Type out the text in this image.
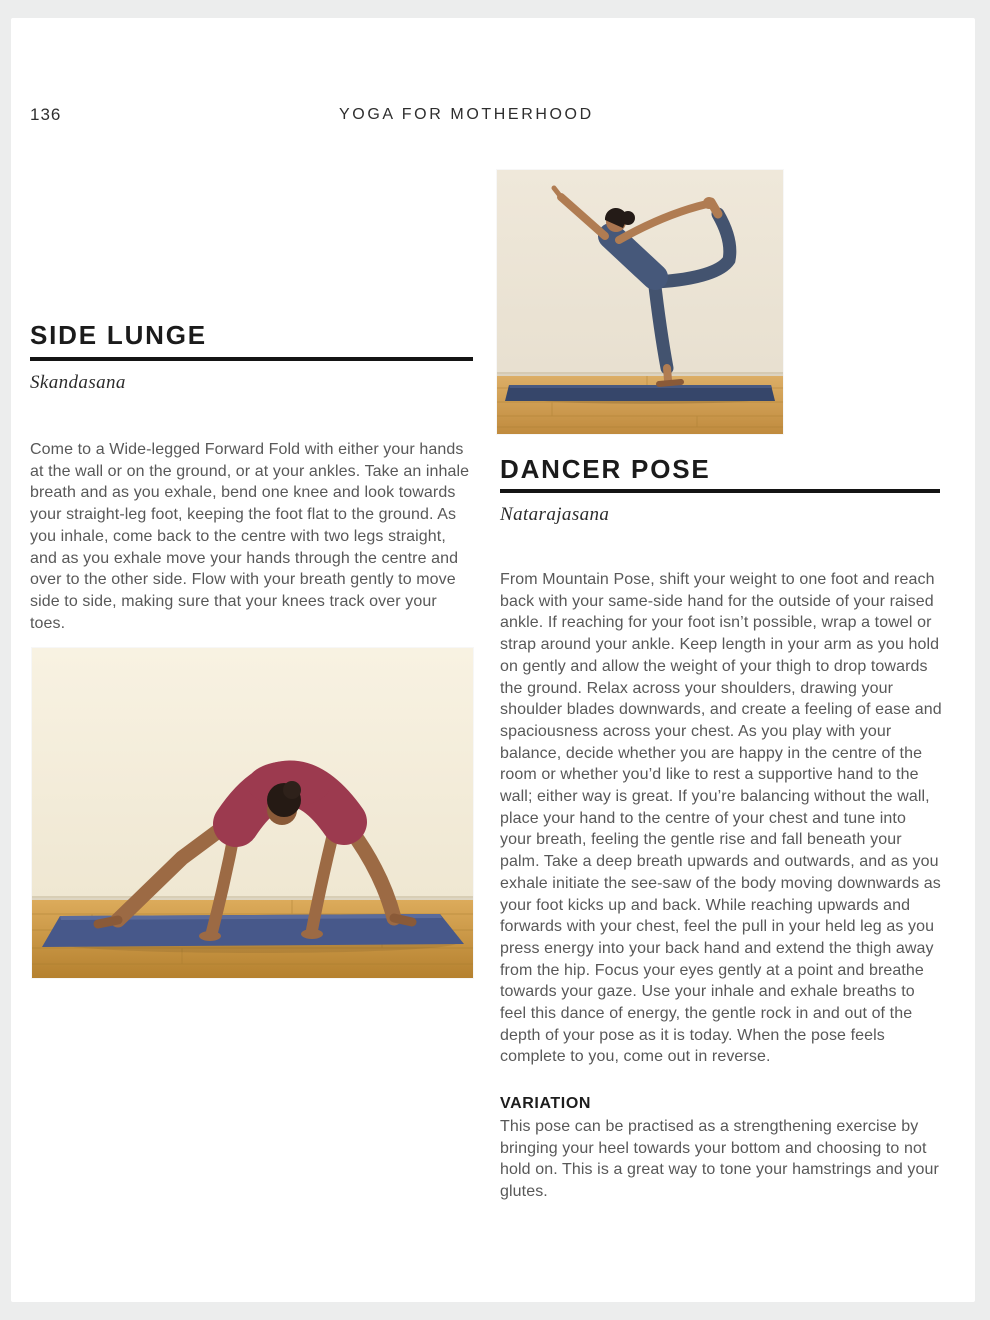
136	YOGA FOR MOTHERHOOD
SIDE LUNGE
Skandasana

Come to a Wide-legged Forward Fold with either your hands at the wall or on the ground, or at your ankles. Take an inhale breath and as you exhale, bend one knee and look towards your straight-leg foot, keeping the foot flat to the ground. As you inhale, come back to the centre with two legs straight, and as you exhale move your hands through the centre and over to the other side. Flow with your breath gently to move side to side, making sure that your knees track over your toes.

DANCER POSE
Natarajasana

From Mountain Pose, shift your weight to one foot and reach back with your same-side hand for the outside of your raised ankle. If reaching for your foot isn’t possible, wrap a towel or strap around your ankle. Keep length in your arm as you hold on gently and allow the weight of your thigh to drop towards the ground. Relax across your shoulders, drawing your shoulder blades downwards, and create a feeling of ease and spaciousness across your chest. As you play with your balance, decide whether you are happy in the centre of the room or whether you’d like to rest a supportive hand to the wall; either way is great. If you’re balancing without the wall, place your hand to the centre of your chest and tune into your breath, feeling the gentle rise and fall beneath your palm. Take a deep breath upwards and outwards, and as you exhale initiate the see-saw of the body moving downwards as your foot kicks up and back. While reaching upwards and forwards with your chest, feel the pull in your held leg as you press energy into your back hand and extend the thigh away from the hip. Focus your eyes gently at a point and breathe towards your gaze. Use your inhale and exhale breaths to feel this dance of energy, the gentle rock in and out of the depth of your pose as it is today. When the pose feels complete to you, come out in reverse.

VARIATION

This pose can be practised as a strengthening exercise by bringing your heel towards your bottom and choosing to not hold on. This is a great way to tone your hamstrings and your glutes.
